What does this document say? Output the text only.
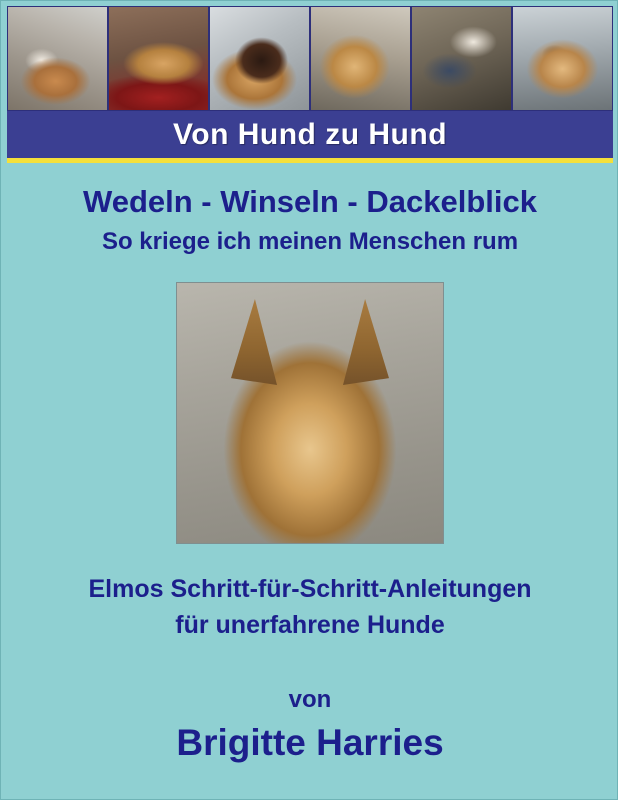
Von Hund zu Hund
Wedeln - Winseln - Dackelblick
So kriege ich meinen Menschen rum
Elmos Schritt-für-Schritt-Anleitungen
für unerfahrene Hunde
von
Brigitte Harries
